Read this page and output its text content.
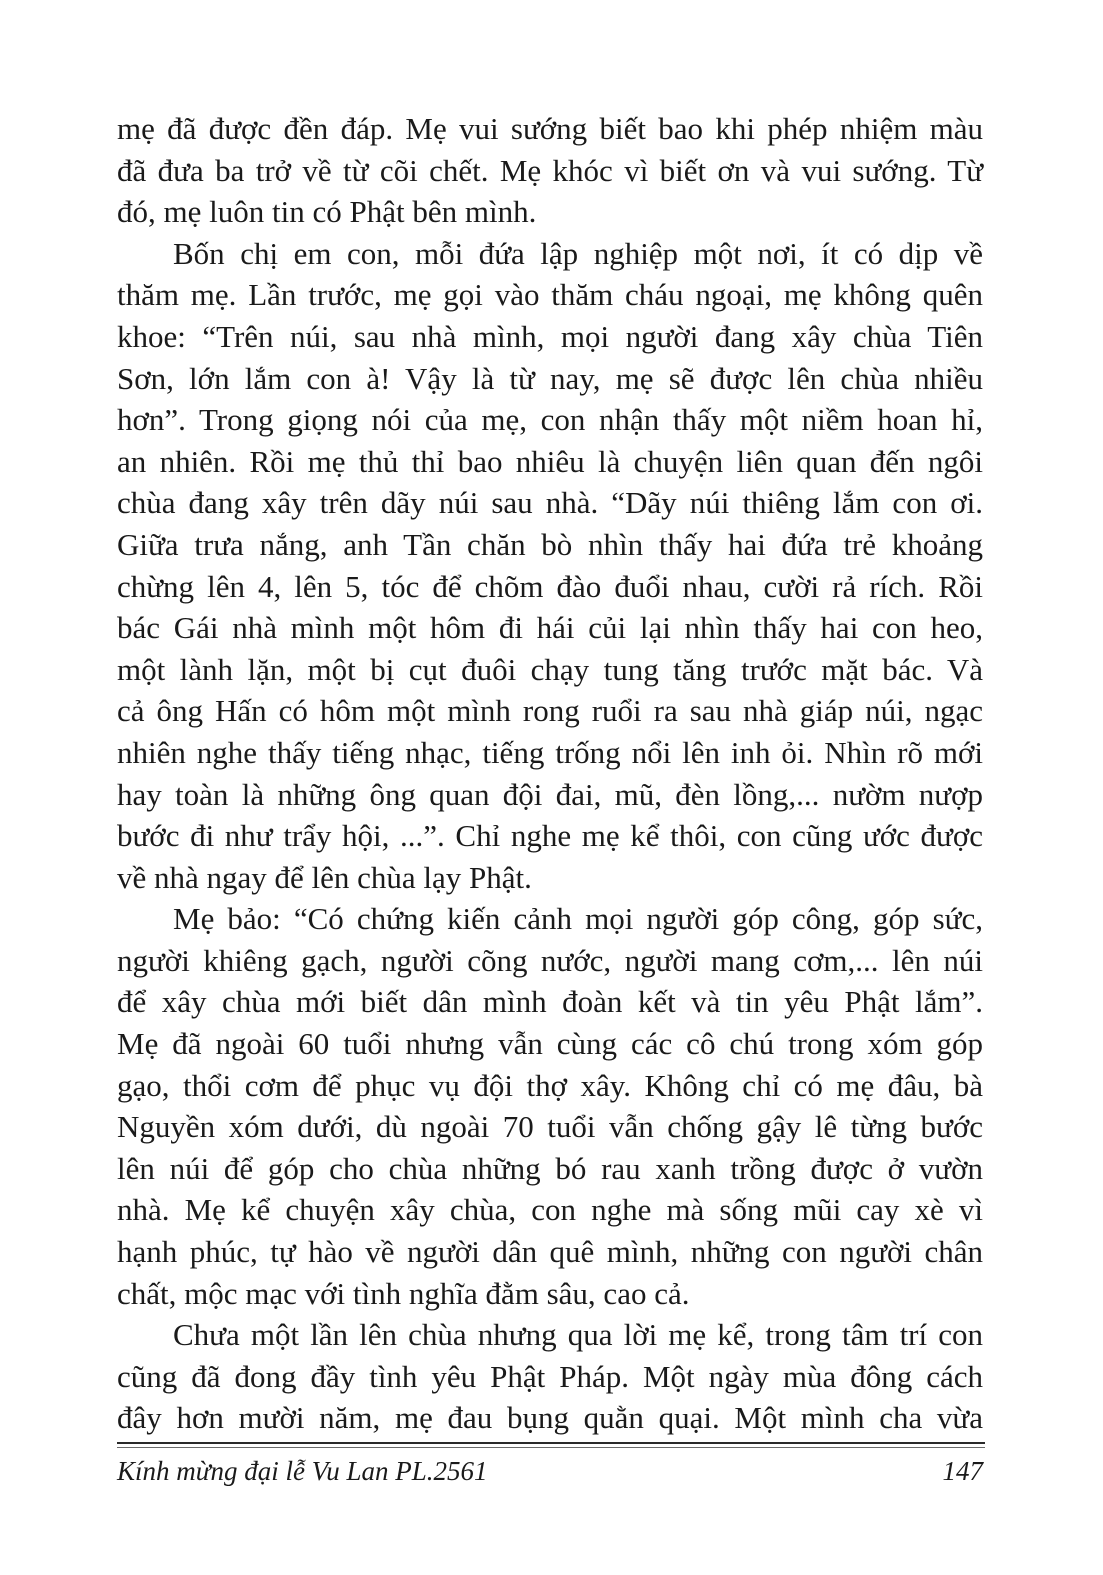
mẹ đã được đền đáp. Mẹ vui sướng biết bao khi phép nhiệm màu

đã đưa ba trở về từ cõi chết. Mẹ khóc vì biết ơn và vui sướng. Từ

đó, mẹ luôn tin có Phật bên mình.

Bốn chị em con, mỗi đứa lập nghiệp một nơi, ít có dịp về

thăm mẹ. Lần trước, mẹ gọi vào thăm cháu ngoại, mẹ không quên

khoe: “Trên núi, sau nhà mình, mọi người đang xây chùa Tiên

Sơn, lớn lắm con à! Vậy là từ nay, mẹ sẽ được lên chùa nhiều

hơn”. Trong giọng nói của mẹ, con nhận thấy một niềm hoan hỉ,

an nhiên. Rồi mẹ thủ thỉ bao nhiêu là chuyện liên quan đến ngôi

chùa đang xây trên dãy núi sau nhà. “Dãy núi thiêng lắm con ơi.

Giữa trưa nắng, anh Tần chăn bò nhìn thấy hai đứa trẻ khoảng

chừng lên 4, lên 5, tóc để chõm đào đuổi nhau, cười rả rích. Rồi

bác Gái nhà mình một hôm đi hái củi lại nhìn thấy hai con heo,

một lành lặn, một bị cụt đuôi chạy tung tăng trước mặt bác. Và

cả ông Hấn có hôm một mình rong ruổi ra sau nhà giáp núi, ngạc

nhiên nghe thấy tiếng nhạc, tiếng trống nổi lên inh ỏi. Nhìn rõ mới

hay toàn là những ông quan đội đai, mũ, đèn lồng,... nườm nượp

bước đi như trẩy hội, ...”. Chỉ nghe mẹ kể thôi, con cũng ước được

về nhà ngay để lên chùa lạy Phật.

Mẹ bảo: “Có chứng kiến cảnh mọi người góp công, góp sức,

người khiêng gạch, người cõng nước, người mang cơm,... lên núi

để xây chùa mới biết dân mình đoàn kết và tin yêu Phật lắm”.

Mẹ đã ngoài 60 tuổi nhưng vẫn cùng các cô chú trong xóm góp

gạo, thổi cơm để phục vụ đội thợ xây. Không chỉ có mẹ đâu, bà

Nguyền xóm dưới, dù ngoài 70 tuổi vẫn chống gậy lê từng bước

lên núi để góp cho chùa những bó rau xanh trồng được ở vườn

nhà. Mẹ kể chuyện xây chùa, con nghe mà sống mũi cay xè vì

hạnh phúc, tự hào về người dân quê mình, những con người chân

chất, mộc mạc với tình nghĩa đằm sâu, cao cả.

Chưa một lần lên chùa nhưng qua lời mẹ kể, trong tâm trí con

cũng đã đong đầy tình yêu Phật Pháp. Một ngày mùa đông cách

đây hơn mười năm, mẹ đau bụng quằn quại. Một mình cha vừa

Kính mừng đại lễ Vu Lan PL.2561	147
